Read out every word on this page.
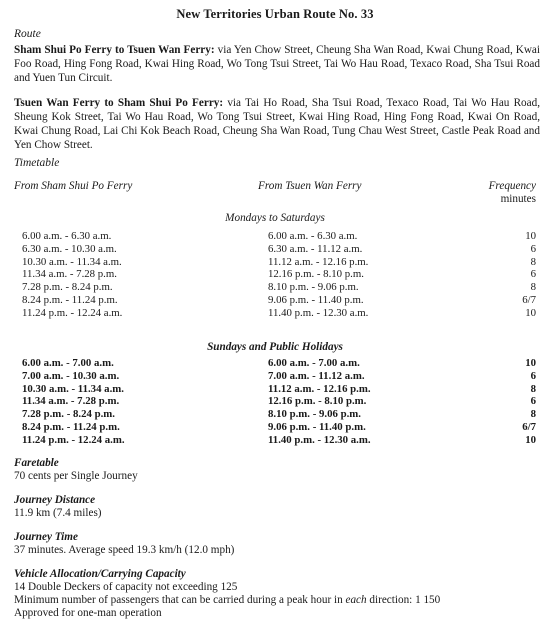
New Territories Urban Route No. 33
Route
Sham Shui Po Ferry to Tsuen Wan Ferry: via Yen Chow Street, Cheung Sha Wan Road, Kwai Chung Road, Kwai Foo Road, Hing Fong Road, Kwai Hing Road, Wo Tong Tsui Street, Tai Wo Hau Road, Texaco Road, Sha Tsui Road and Yuen Tun Circuit.
Tsuen Wan Ferry to Sham Shui Po Ferry: via Tai Ho Road, Sha Tsui Road, Texaco Road, Tai Wo Hau Road, Sheung Kok Street, Tai Wo Hau Road, Wo Tong Tsui Street, Kwai Hing Road, Hing Fong Road, Kwai On Road, Kwai Chung Road, Lai Chi Kok Beach Road, Cheung Sha Wan Road, Tung Chau West Street, Castle Peak Road and Yen Chow Street.
Timetable
From Sham Shui Po Ferry	From Tsuen Wan Ferry	Frequency
minutes
Mondays to Saturdays
6.00 a.m. - 6.30 a.m.	6.00 a.m. - 6.30 a.m.	10
6.30 a.m. - 10.30 a.m.	6.30 a.m. - 11.12 a.m.	6
10.30 a.m. - 11.34 a.m.	11.12 a.m. - 12.16 p.m.	8
11.34 a.m. - 7.28 p.m.	12.16 p.m. - 8.10 p.m.	6
7.28 p.m. - 8.24 p.m.	8.10 p.m. - 9.06 p.m.	8
8.24 p.m. - 11.24 p.m.	9.06 p.m. - 11.40 p.m.	6/7
11.24 p.m. - 12.24 a.m.	11.40 p.m. - 12.30 a.m.	10
Sundays and Public Holidays
6.00 a.m. - 7.00 a.m.	6.00 a.m. - 7.00 a.m.	10
7.00 a.m. - 10.30 a.m.	7.00 a.m. - 11.12 a.m.	6
10.30 a.m. - 11.34 a.m.	11.12 a.m. - 12.16 p.m.	8
11.34 a.m. - 7.28 p.m.	12.16 p.m. - 8.10 p.m.	6
7.28 p.m. - 8.24 p.m.	8.10 p.m. - 9.06 p.m.	8
8.24 p.m. - 11.24 p.m.	9.06 p.m. - 11.40 p.m.	6/7
11.24 p.m. - 12.24 a.m.	11.40 p.m. - 12.30 a.m.	10
Faretable
70 cents per Single Journey
Journey Distance
11.9 km (7.4 miles)
Journey Time
37 minutes. Average speed 19.3 km/h (12.0 mph)
Vehicle Allocation/Carrying Capacity
14 Double Deckers of capacity not exceeding 125
Minimum number of passengers that can be carried during a peak hour in each direction: 1 150
Approved for one-man operation
